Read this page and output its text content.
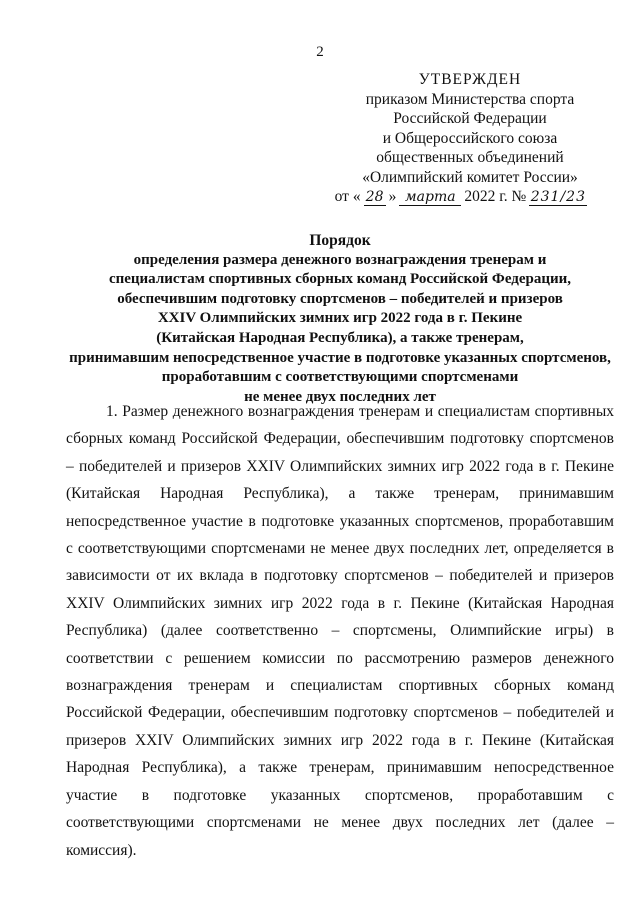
2
УТВЕРЖДЕН
приказом Министерства спорта
Российской Федерации
и Общероссийского союза
общественных объединений
«Олимпийский комитет России»
от « 28 » марта 2022 г. № 231/23
Порядок
определения размера денежного вознаграждения тренерам и
специалистам спортивных сборных команд Российской Федерации,
обеспечившим подготовку спортсменов – победителей и призеров
XXIV Олимпийских зимних игр 2022 года в г. Пекине
(Китайская Народная Республика), а также тренерам,
принимавшим непосредственное участие в подготовке указанных спортсменов,
проработавшим с соответствующими спортсменами
не менее двух последних лет
1. Размер денежного вознаграждения тренерам и специалистам спортивных сборных команд Российской Федерации, обеспечившим подготовку спортсменов – победителей и призеров XXIV Олимпийских зимних игр 2022 года в г. Пекине (Китайская Народная Республика), а также тренерам, принимавшим непосредственное участие в подготовке указанных спортсменов, проработавшим с соответствующими спортсменами не менее двух последних лет, определяется в зависимости от их вклада в подготовку спортсменов – победителей и призеров XXIV Олимпийских зимних игр 2022 года в г. Пекине (Китайская Народная Республика) (далее соответственно – спортсмены, Олимпийские игры) в соответствии с решением комиссии по рассмотрению размеров денежного вознаграждения тренерам и специалистам спортивных сборных команд Российской Федерации, обеспечившим подготовку спортсменов – победителей и призеров XXIV Олимпийских зимних игр 2022 года в г. Пекине (Китайская Народная Республика), а также тренерам, принимавшим непосредственное участие в подготовке указанных спортсменов, проработавшим с соответствующими спортсменами не менее двух последних лет (далее – комиссия).
